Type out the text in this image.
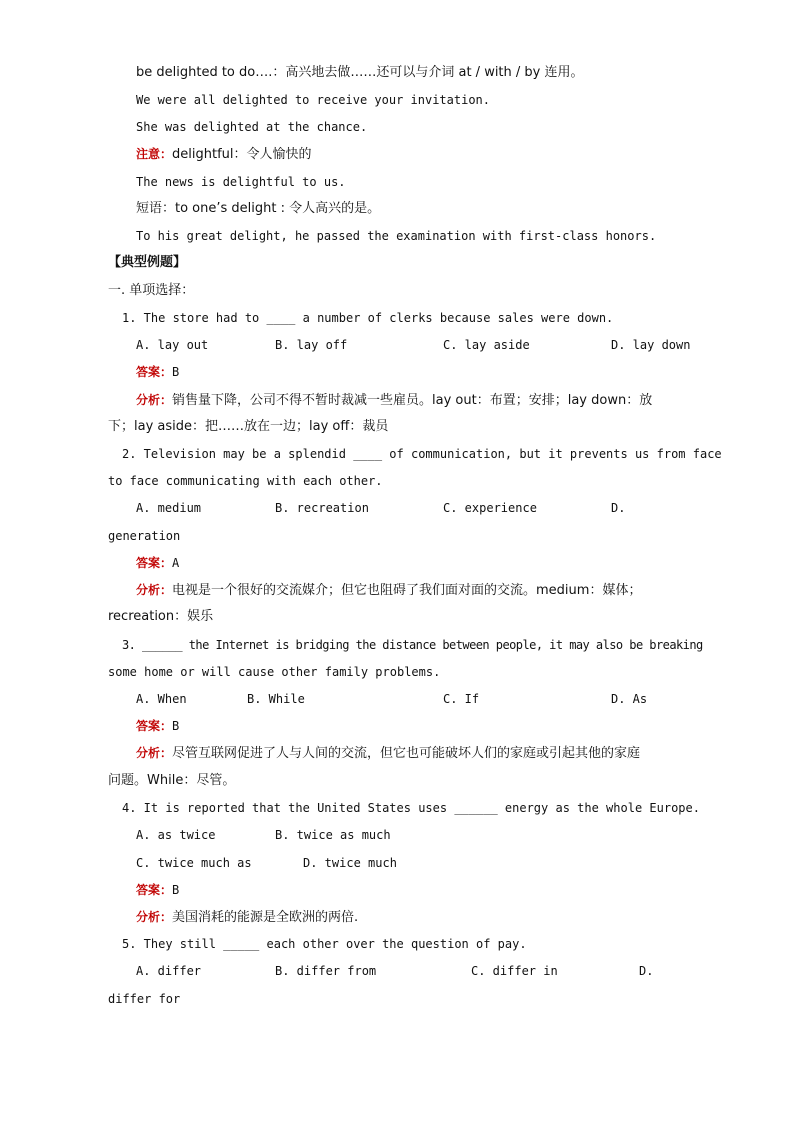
be delighted to do….：高兴地去做……还可以与介词 at / with / by 连用。
We were all delighted to receive your invitation.
She was delighted at the chance.
注意：delightful：令人愉快的
The news is delightful to us.
短语：to one’s delight : 令人高兴的是。
To his great delight, he passed the examination with first-class honors.
【典型例题】
一. 单项选择：
1. The store had to ____ a number of clerks because sales were down.
A. lay out	B. lay off	C. lay aside	D. lay down
答案：B
分析：销售量下降，公司不得不暂时裁减一些雇员。lay out：布置；安排；lay down：放
下；lay aside：把……放在一边；lay off：裁员
2. Television may be a splendid ____ of communication, but it prevents us from face
to face communicating with each other.
A. medium	B. recreation	C. experience	D.
generation
答案：A
分析：电视是一个很好的交流媒介；但它也阻碍了我们面对面的交流。medium：媒体；
recreation：娱乐
3. ______ the Internet is bridging the distance between people, it may also be breaking
some home or will cause other family problems.
A. When	B. While	C. If	D. As
答案：B
分析：尽管互联网促进了人与人间的交流，但它也可能破坏人们的家庭或引起其他的家庭
问题。While：尽管。
4. It is reported that the United States uses ______ energy as the whole Europe.
A. as twice	B. twice as much
C. twice much as	D. twice much
答案：B
分析：美国消耗的能源是全欧洲的两倍.
5. They still _____ each other over the question of pay.
A. differ	B. differ from	C. differ in	D.
differ for
